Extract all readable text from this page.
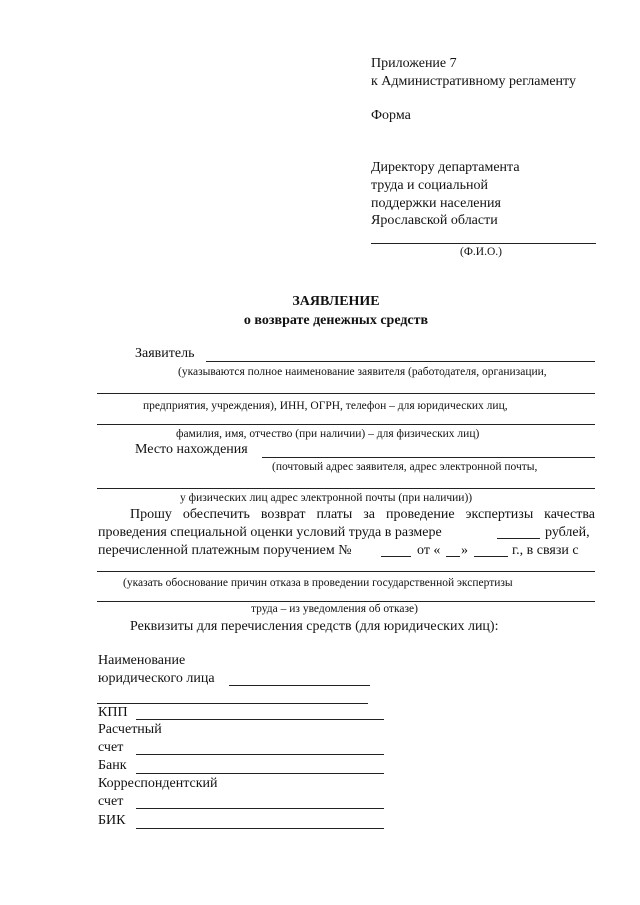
Приложение 7
к Административному регламенту
Форма
Директору департамента
труда и социальной
поддержки населения
Ярославской области
(Ф.И.О.)
ЗАЯВЛЕНИЕ
о возврате денежных средств
Заявитель
(указываются полное наименование заявителя (работодателя, организации,
предприятия, учреждения), ИНН, ОГРН, телефон – для юридических лиц,
фамилия, имя, отчество (при наличии) – для физических лиц)
Место нахождения
(почтовый адрес заявителя, адрес электронной почты,
у физических лиц адрес электронной почты (при наличии))
Прошу обеспечить возврат платы за проведение экспертизы качества
проведения специальной оценки условий труда в размере	рублей,
перечисленной платежным поручением №	от « »	г., в связи с
(указать обоснование причин отказа в проведении государственной экспертизы
труда – из уведомления об отказе)
Реквизиты для перечисления средств (для юридических лиц):
Наименование
юридического лица
КПП
Расчетный
счет
Банк
Корреспондентский
счет
БИК
